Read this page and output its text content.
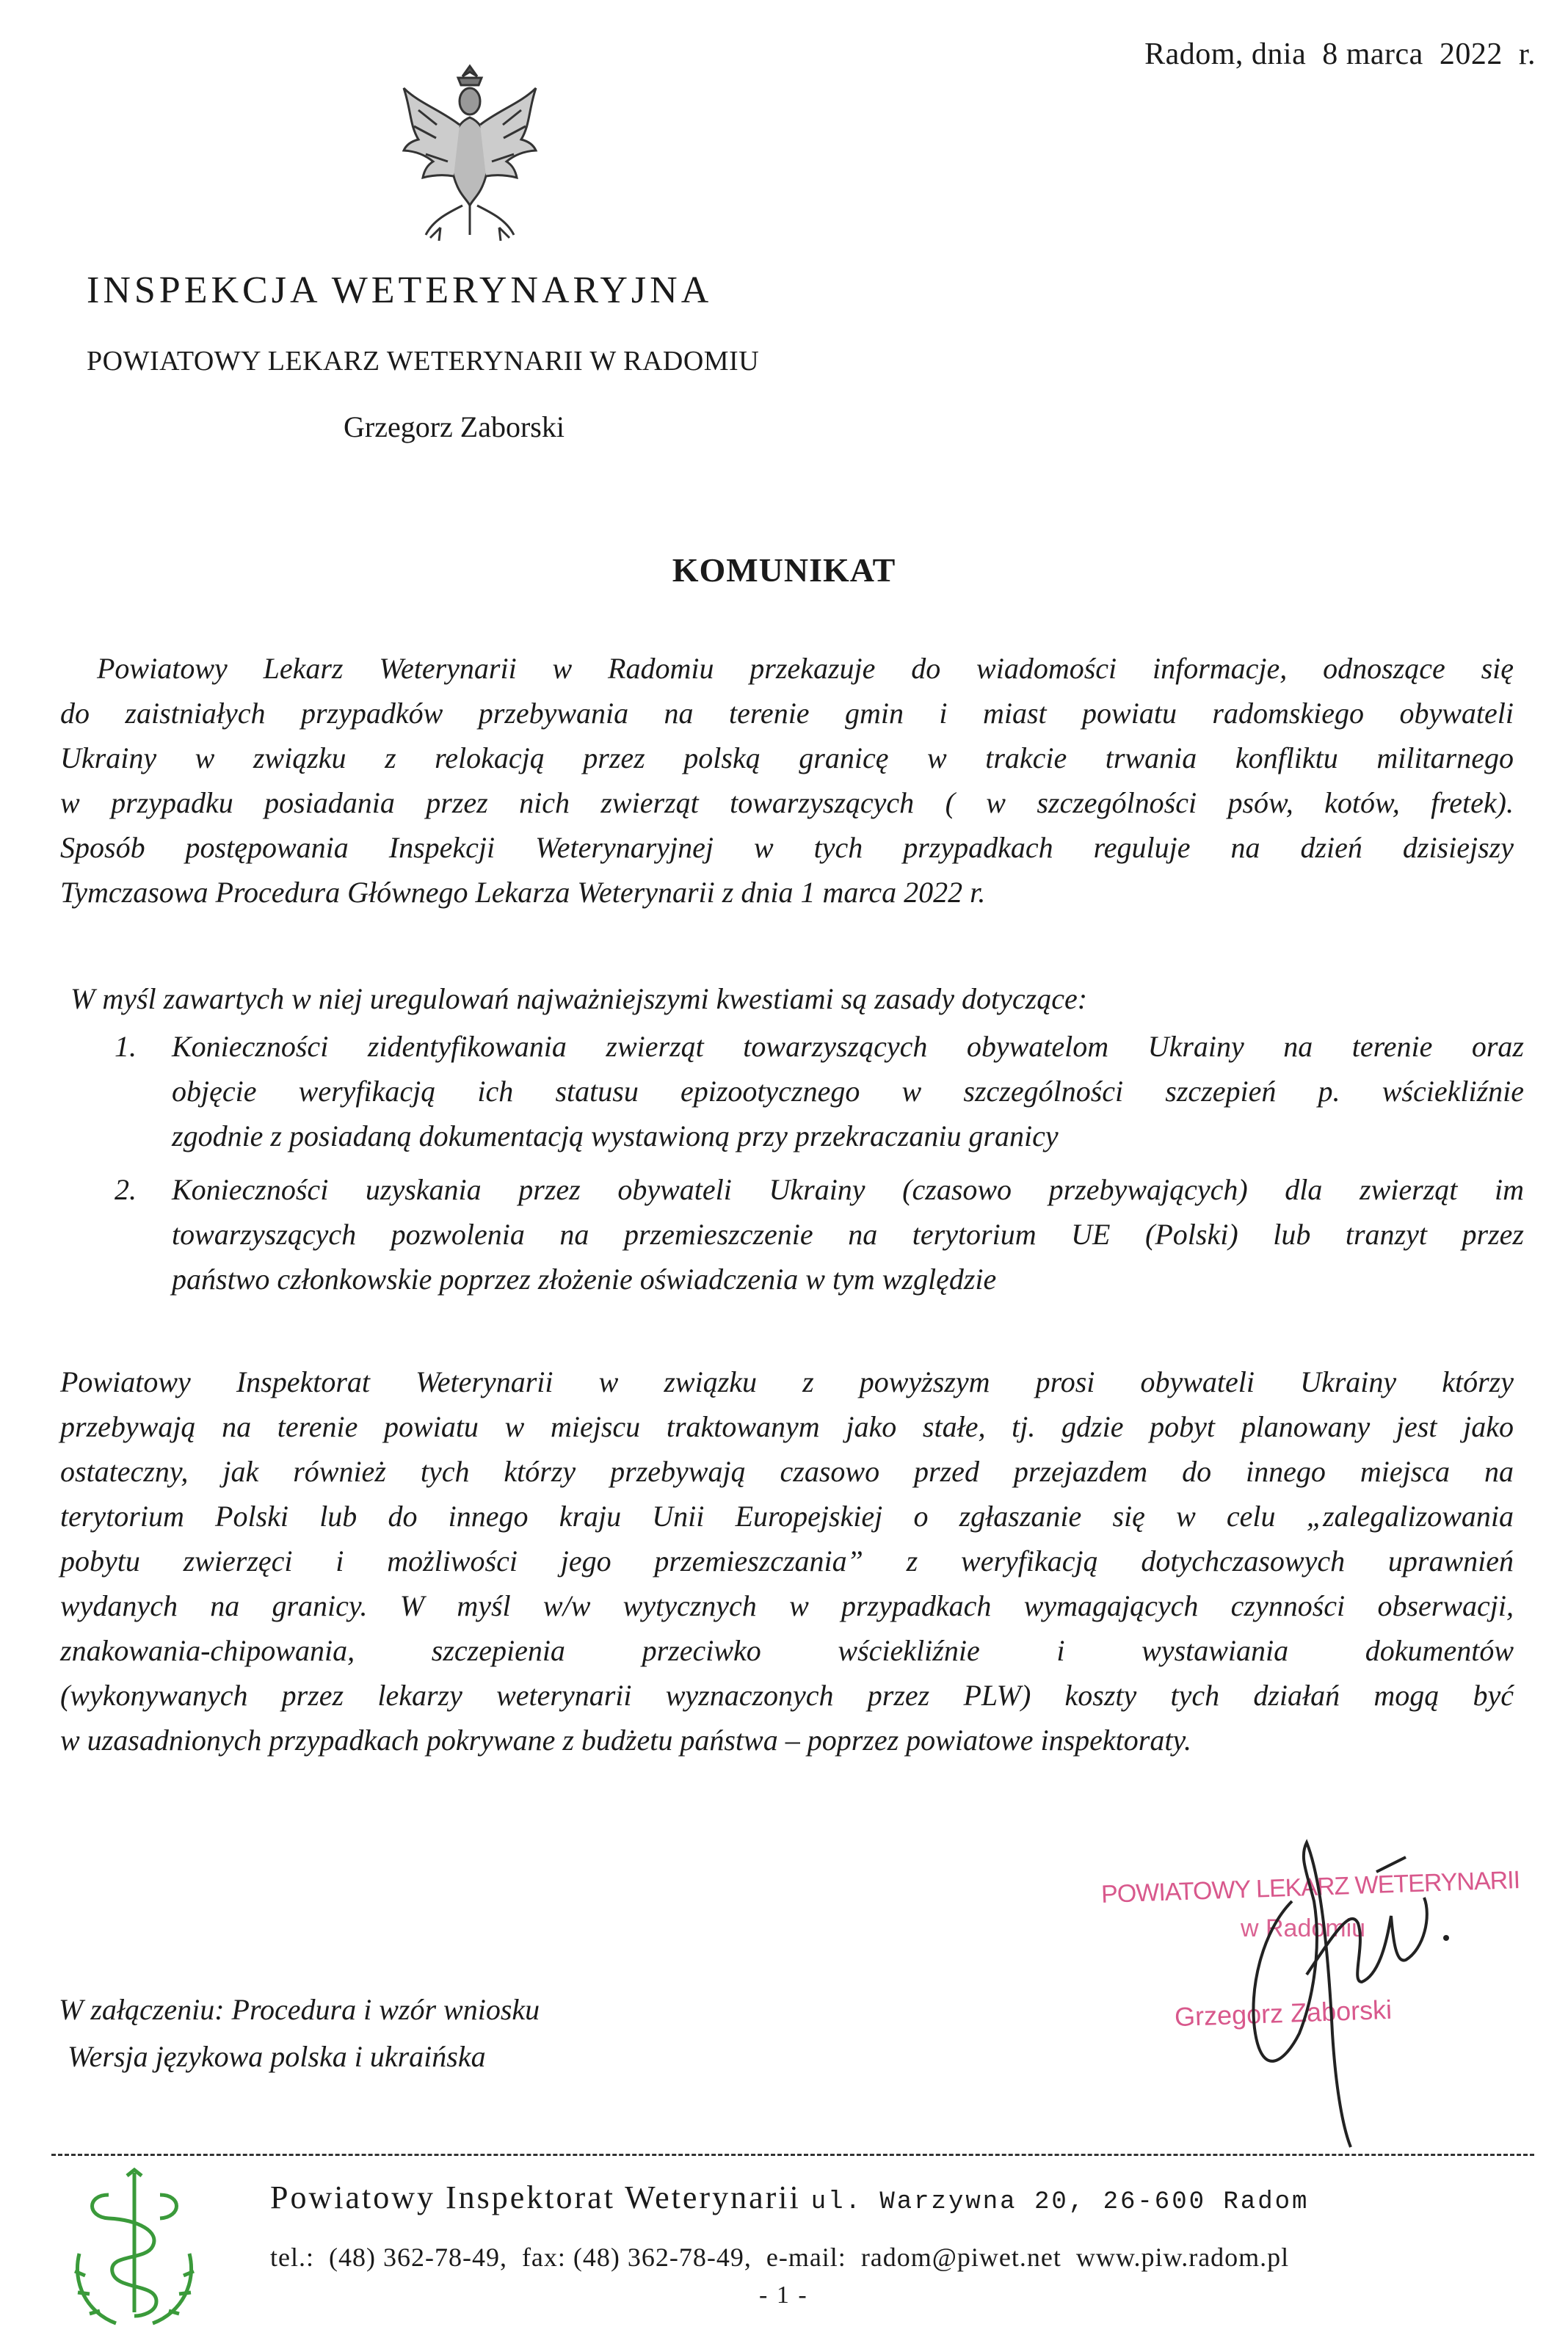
Radom, dnia  8 marca  2022  r.
INSPEKCJA WETERYNARYJNA
POWIATOWY LEKARZ WETERYNARII W RADOMIU
Grzegorz Zaborski
KOMUNIKAT
Powiatowy Lekarz Weterynarii w Radomiu przekazuje do wiadomości informacje, odnoszące się
do zaistniałych przypadków przebywania na terenie gmin i miast powiatu radomskiego obywateli
Ukrainy w związku z relokacją przez polską granicę w trakcie trwania konfliktu militarnego
w przypadku posiadania przez nich zwierząt towarzyszących ( w szczególności psów, kotów, fretek).
Sposób postępowania Inspekcji Weterynaryjnej w tych przypadkach reguluje na dzień dzisiejszy
Tymczasowa Procedura Głównego Lekarza Weterynarii z dnia 1 marca 2022 r.
W myśl zawartych w niej uregulowań najważniejszymi kwestiami są zasady dotyczące:
1. Konieczności zidentyfikowania zwierząt towarzyszących obywatelom Ukrainy na terenie oraz
objęcie weryfikacją ich statusu epizootycznego w szczególności szczepień p. wściekliźnie
zgodnie z posiadaną dokumentacją wystawioną przy przekraczaniu granicy
2. Konieczności uzyskania przez obywateli Ukrainy (czasowo przebywających) dla zwierząt im
towarzyszących pozwolenia na przemieszczenie na terytorium UE (Polski) lub tranzyt przez
państwo członkowskie poprzez złożenie oświadczenia w tym względzie
Powiatowy Inspektorat Weterynarii w związku z powyższym prosi obywateli Ukrainy którzy
przebywają na terenie powiatu w miejscu traktowanym jako stałe, tj. gdzie pobyt planowany jest jako
ostateczny, jak również tych którzy przebywają czasowo przed przejazdem do innego miejsca na
terytorium Polski lub do innego kraju Unii Europejskiej o zgłaszanie się w celu „zalegalizowania
pobytu zwierzęci i możliwości jego przemieszczania” z weryfikacją dotychczasowych uprawnień
wydanych na granicy. W myśl w/w wytycznych w przypadkach wymagających czynności obserwacji,
znakowania-chipowania, szczepienia przeciwko wściekliźnie i wystawiania dokumentów
(wykonywanych przez lekarzy weterynarii wyznaczonych przez PLW) koszty tych działań mogą być
w uzasadnionych przypadkach pokrywane z budżetu państwa – poprzez powiatowe inspektoraty.
W załączeniu: Procedura i wzór wniosku
Wersja językowa polska i ukraińska
POWIATOWY LEKARZ WETERYNARII
w Radomiu
Grzegorz Zaborski
Powiatowy Inspektorat Weterynarii ul. Warzywna 20, 26-600 Radom
tel.:  (48) 362-78-49,  fax: (48) 362-78-49,  e-mail:  radom@piwet.net  www.piw.radom.pl
- 1 -
